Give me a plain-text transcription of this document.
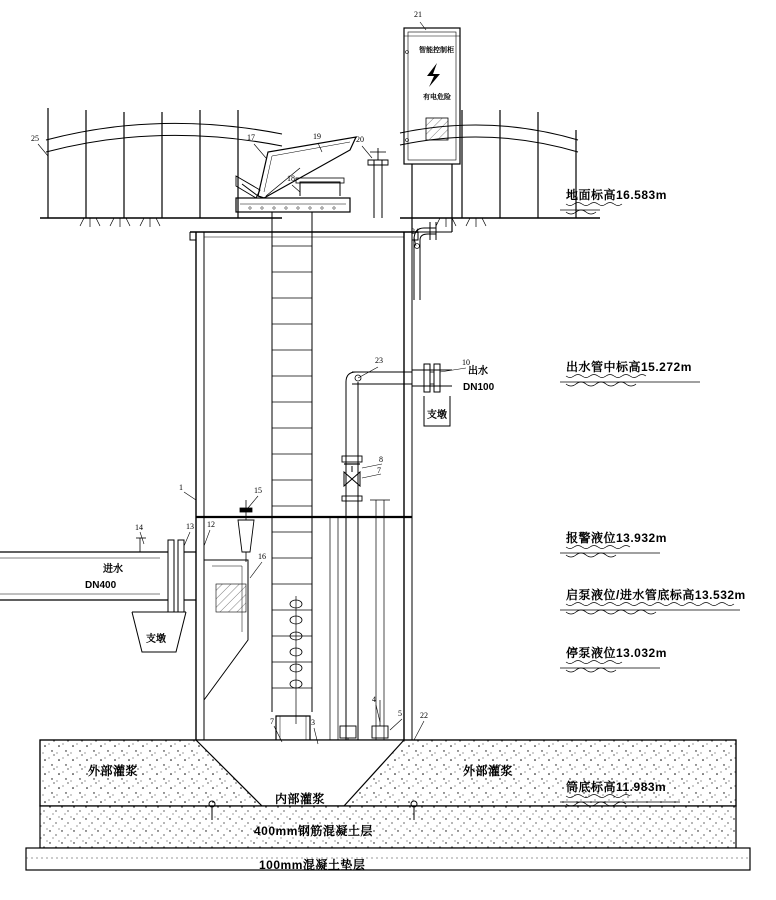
智能控制柜
有电危险
地面标高16.583m
出水管中标高15.272m
报警液位13.932m
启泵液位/进水管底标高13.532m
停泵液位13.032m
筒底标高11.983m
进水
DN400
支墩
出水
DN100
支墩
外部灌浆	外部灌浆
内部灌浆
400mm钢筋混凝土层
100mm混凝土垫层
21
25	17	19	20
18
24
23	10
8
7
1	15
14	13 12
16
7	3
4
5 22
